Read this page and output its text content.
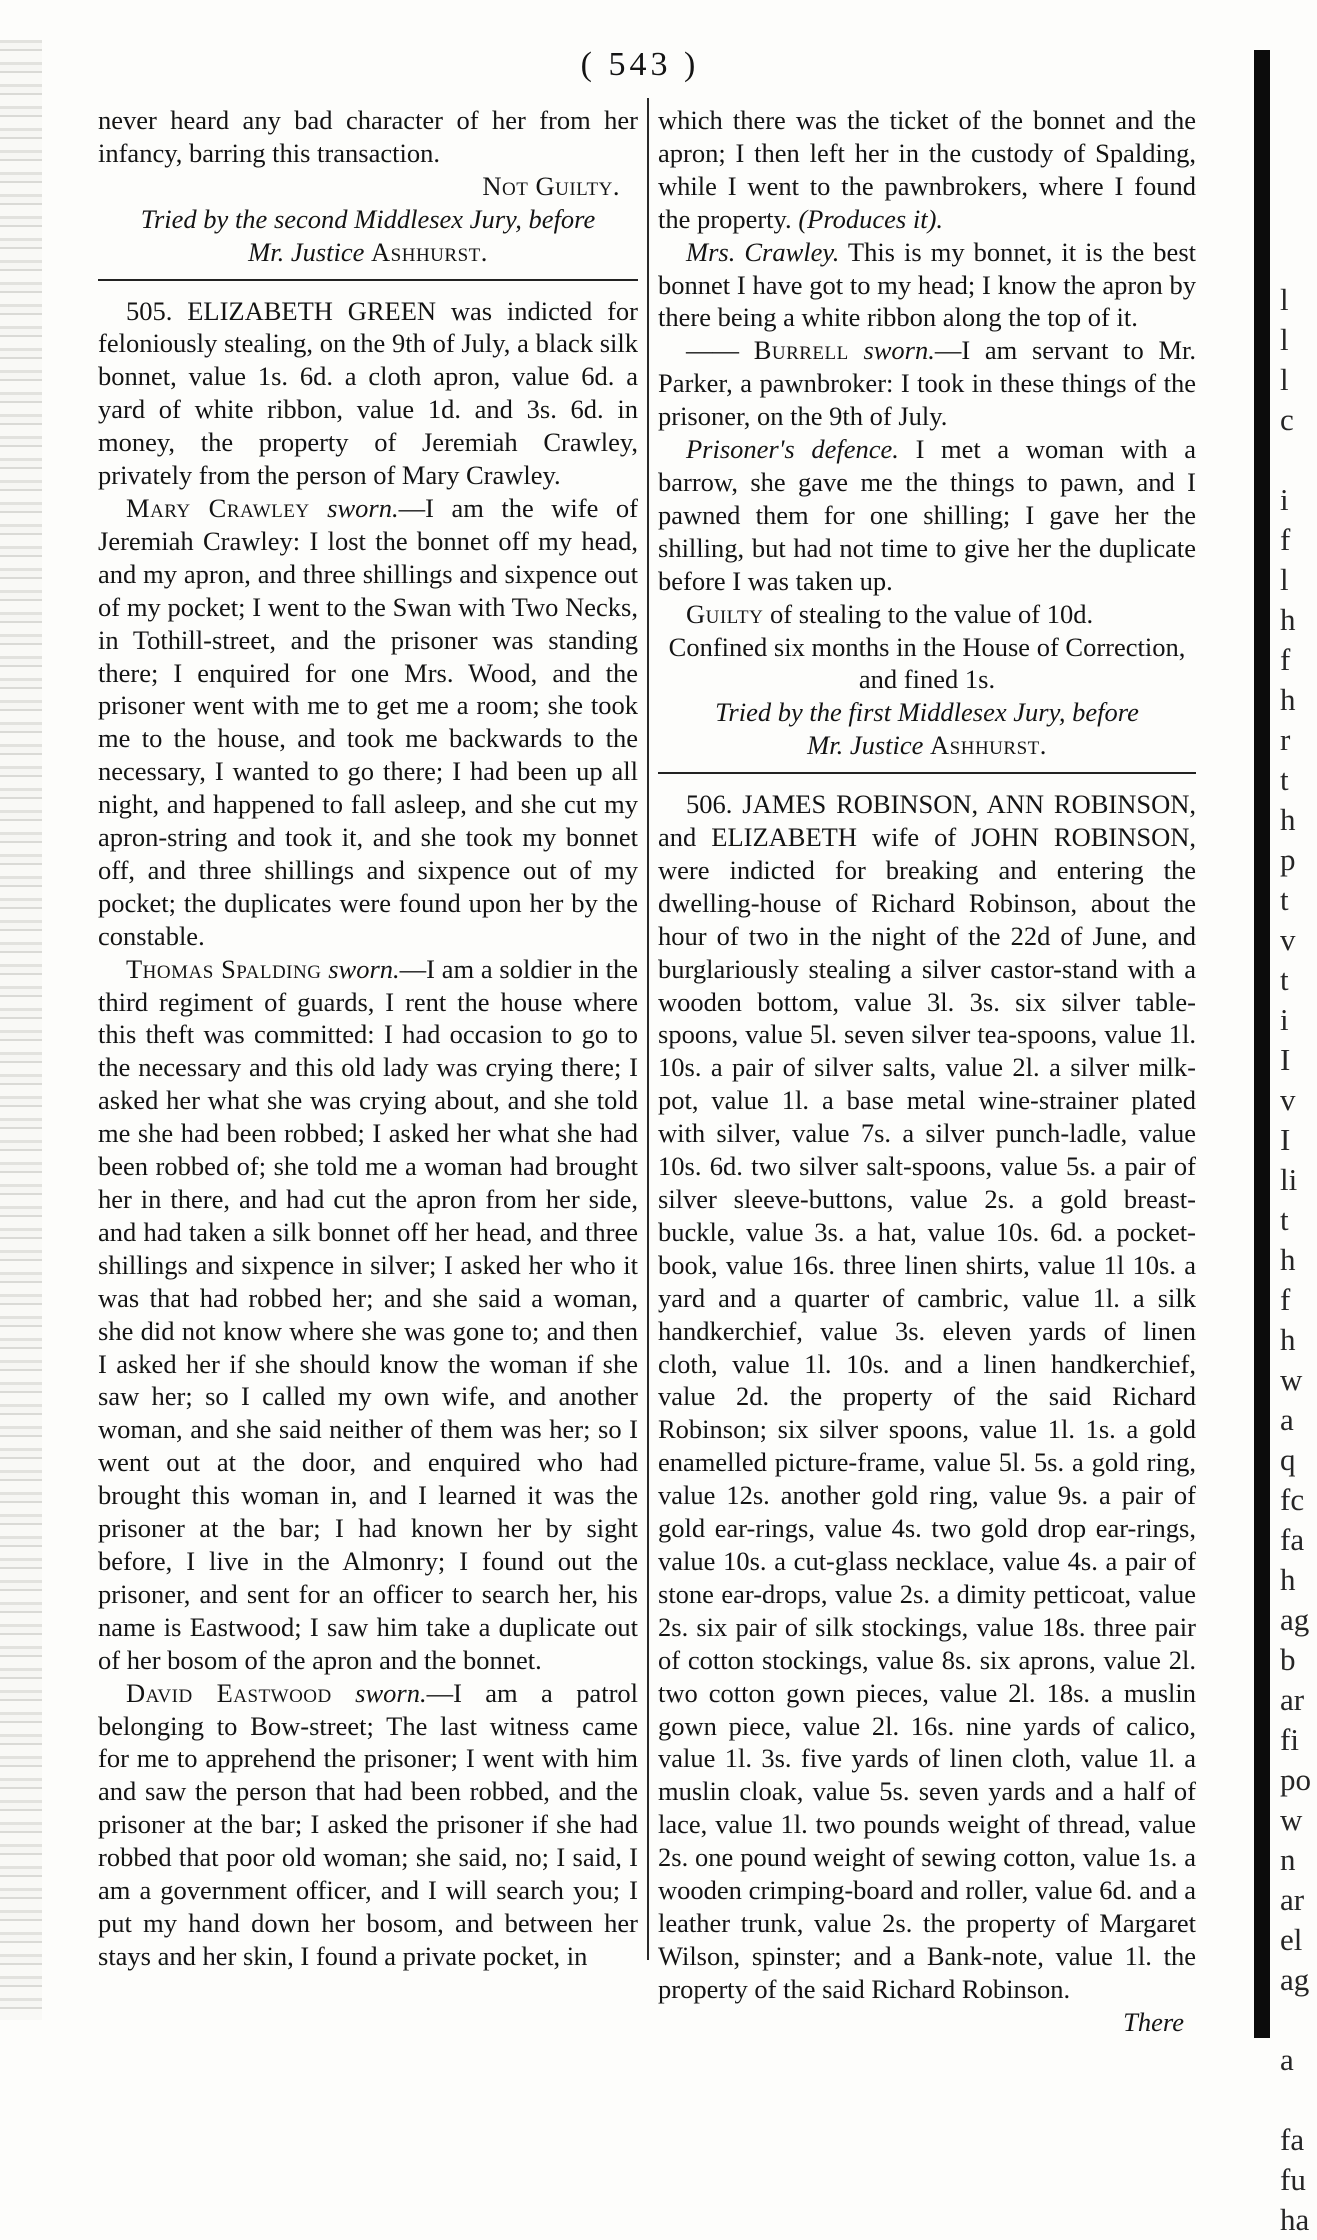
l
l
l
c

i
f
l
h
f
h
r
t
h
p
t
v
t
i
I
v
I
li
t
h
f
h
w
a
q
fc
fa
h
ag
b
ar
fi
po
w
n
ar
el
ag

a

fa
fu
ha
( 543 )

never heard any bad character of her from her infancy, barring this transaction.

Not Guilty.

Tried by the second Middlesex Jury, before

Mr. Justice Ashhurst.

505. ELIZABETH GREEN was indicted for feloniously stealing, on the 9th of July, a black silk bonnet, value 1s. 6d. a cloth apron, value 6d. a yard of white ribbon, value 1d. and 3s. 6d. in money, the property of Jeremiah Crawley, privately from the person of Mary Crawley.

Mary Crawley sworn.—I am the wife of Jeremiah Crawley: I lost the bonnet off my head, and my apron, and three shillings and sixpence out of my pocket; I went to the Swan with Two Necks, in Tothill-street, and the prisoner was standing there; I enquired for one Mrs. Wood, and the prisoner went with me to get me a room; she took me to the house, and took me backwards to the necessary, I wanted to go there; I had been up all night, and happened to fall asleep, and she cut my apron-string and took it, and she took my bonnet off, and three shillings and sixpence out of my pocket; the duplicates were found upon her by the constable.

Thomas Spalding sworn.—I am a soldier in the third regiment of guards, I rent the house where this theft was committed: I had occasion to go to the necessary and this old lady was crying there; I asked her what she was crying about, and she told me she had been robbed; I asked her what she had been robbed of; she told me a woman had brought her in there, and had cut the apron from her side, and had taken a silk bonnet off her head, and three shillings and sixpence in silver; I asked her who it was that had robbed her; and she said a woman, she did not know where she was gone to; and then I asked her if she should know the woman if she saw her; so I called my own wife, and another woman, and she said neither of them was her; so I went out at the door, and enquired who had brought this woman in, and I learned it was the prisoner at the bar; I had known her by sight before, I live in the Almonry; I found out the prisoner, and sent for an officer to search her, his name is Eastwood; I saw him take a duplicate out of her bosom of the apron and the bonnet.

David Eastwood sworn.—I am a patrol belonging to Bow-street; The last witness came for me to apprehend the prisoner; I went with him and saw the person that had been robbed, and the prisoner at the bar; I asked the prisoner if she had robbed that poor old woman; she said, no; I said, I am a government officer, and I will search you; I put my hand down her bosom, and between her stays and her skin, I found a private pocket, in

which there was the ticket of the bonnet and the apron; I then left her in the custody of Spalding, while I went to the pawnbrokers, where I found the property. (Produces it).

Mrs. Crawley. This is my bonnet, it is the best bonnet I have got to my head; I know the apron by there being a white ribbon along the top of it.

—— Burrell sworn.—I am servant to Mr. Parker, a pawnbroker: I took in these things of the prisoner, on the 9th of July.

Prisoner's defence. I met a woman with a barrow, she gave me the things to pawn, and I pawned them for one shilling; I gave her the shilling, but had not time to give her the duplicate before I was taken up.

Guilty of stealing to the value of 10d.

Confined six months in the House of Correction,

and fined 1s.

Tried by the first Middlesex Jury, before

Mr. Justice Ashhurst.

506. JAMES ROBINSON, ANN ROBINSON, and ELIZABETH wife of JOHN ROBINSON, were indicted for breaking and entering the dwelling-house of Richard Robinson, about the hour of two in the night of the 22d of June, and burglariously stealing a silver castor-stand with a wooden bottom, value 3l. 3s. six silver table-spoons, value 5l. seven silver tea-spoons, value 1l. 10s. a pair of silver salts, value 2l. a silver milk-pot, value 1l. a base metal wine-strainer plated with silver, value 7s. a silver punch-ladle, value 10s. 6d. two silver salt-spoons, value 5s. a pair of silver sleeve-buttons, value 2s. a gold breast-buckle, value 3s. a hat, value 10s. 6d. a pocket-book, value 16s. three linen shirts, value 1l 10s. a yard and a quarter of cambric, value 1l. a silk handkerchief, value 3s. eleven yards of linen cloth, value 1l. 10s. and a linen handkerchief, value 2d. the property of the said Richard Robinson; six silver spoons, value 1l. 1s. a gold enamelled picture-frame, value 5l. 5s. a gold ring, value 12s. another gold ring, value 9s. a pair of gold ear-rings, value 4s. two gold drop ear-rings, value 10s. a cut-glass necklace, value 4s. a pair of stone ear-drops, value 2s. a dimity petticoat, value 2s. six pair of silk stockings, value 18s. three pair of cotton stockings, value 8s. six aprons, value 2l. two cotton gown pieces, value 2l. 18s. a muslin gown piece, value 2l. 16s. nine yards of calico, value 1l. 3s. five yards of linen cloth, value 1l. a muslin cloak, value 5s. seven yards and a half of lace, value 1l. two pounds weight of thread, value 2s. one pound weight of sewing cotton, value 1s. a wooden crimping-board and roller, value 6d. and a leather trunk, value 2s. the property of Margaret Wilson, spinster; and a Bank-note, value 1l. the property of the said Richard Robinson.

There
